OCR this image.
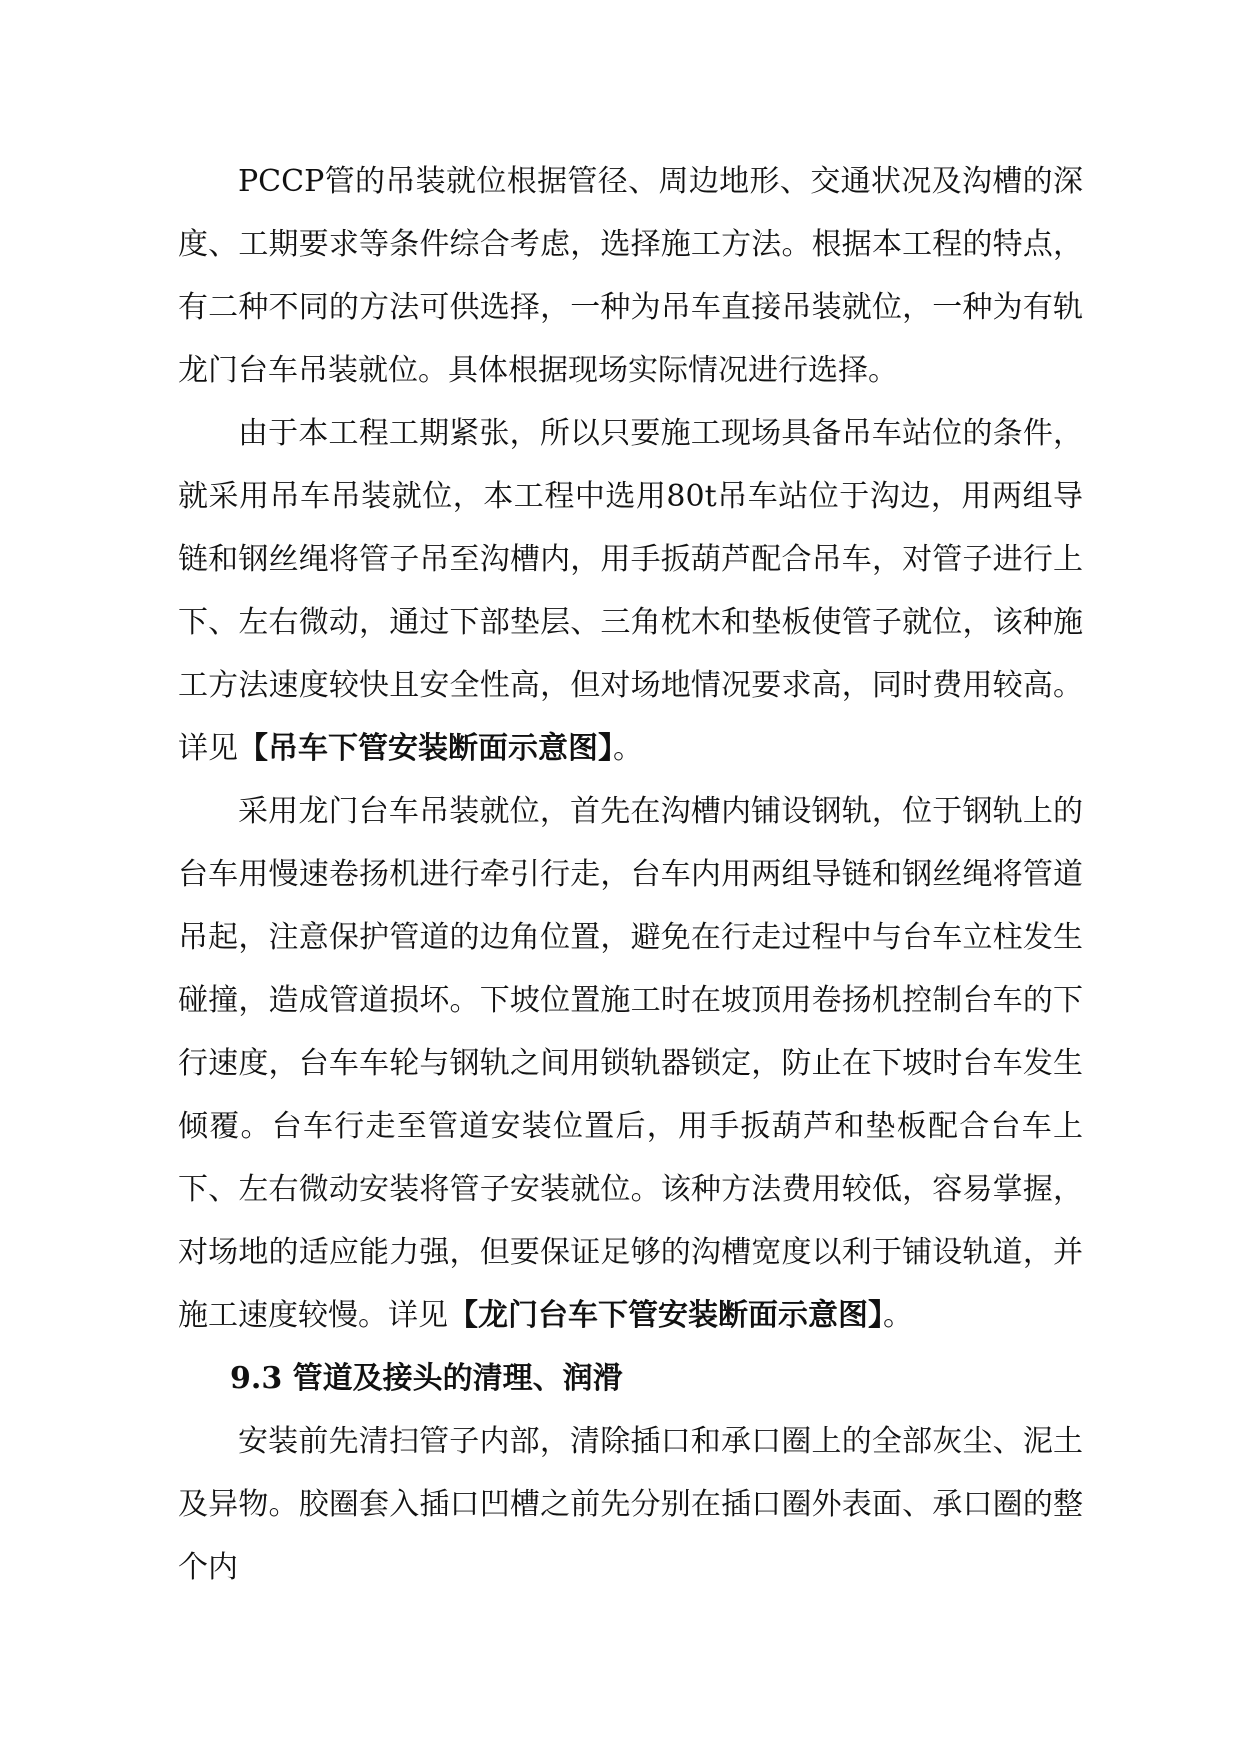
PCCP管的吊装就位根据管径、周边地形、交通状况及沟槽的深度、工期要求等条件综合考虑，选择施工方法。根据本工程的特点，有二种不同的方法可供选择，一种为吊车直接吊装就位，一种为有轨龙门台车吊装就位。具体根据现场实际情况进行选择。

由于本工程工期紧张，所以只要施工现场具备吊车站位的条件，就采用吊车吊装就位，本工程中选用80t吊车站位于沟边，用两组导链和钢丝绳将管子吊至沟槽内，用手扳葫芦配合吊车，对管子进行上下、左右微动，通过下部垫层、三角枕木和垫板使管子就位，该种施工方法速度较快且安全性高，但对场地情况要求高，同时费用较高。详见【吊车下管安装断面示意图】。

采用龙门台车吊装就位，首先在沟槽内铺设钢轨，位于钢轨上的台车用慢速卷扬机进行牵引行走，台车内用两组导链和钢丝绳将管道吊起，注意保护管道的边角位置，避免在行走过程中与台车立柱发生碰撞，造成管道损坏。下坡位置施工时在坡顶用卷扬机控制台车的下行速度，台车车轮与钢轨之间用锁轨器锁定，防止在下坡时台车发生倾覆。台车行走至管道安装位置后，用手扳葫芦和垫板配合台车上下、左右微动安装将管子安装就位。该种方法费用较低，容易掌握，对场地的适应能力强，但要保证足够的沟槽宽度以利于铺设轨道，并施工速度较慢。详见【龙门台车下管安装断面示意图】。

9.3 管道及接头的清理、润滑

安装前先清扫管子内部，清除插口和承口圈上的全部灰尘、泥土及异物。胶圈套入插口凹槽之前先分别在插口圈外表面、承口圈的整个内
